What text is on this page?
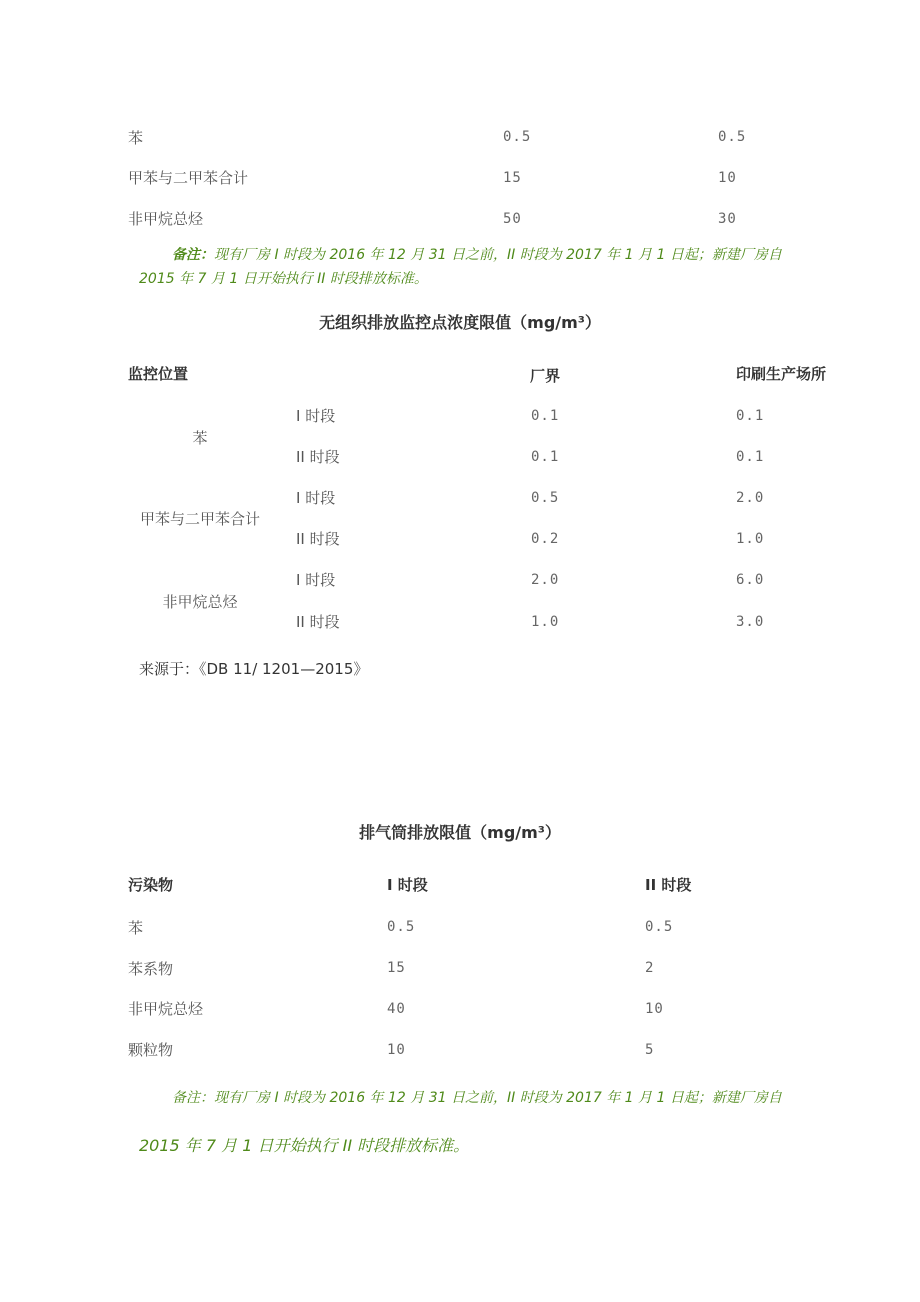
苯	0.5	0.5
甲苯与二甲苯合计	15	10
非甲烷总烃	50	30
备注：现有厂房 I 时段为 2016 年 12 月 31 日之前，II 时段为 2017 年 1 月 1 日起；新建厂房自
2015 年 7 月 1 日开始执行 II 时段排放标准。
无组织排放监控点浓度限值（mg/m³）
监控位置	厂界	印刷生产场所
苯
I 时段	0.1	0.1
II 时段	0.1	0.1
甲苯与二甲苯合计
I 时段	0.5	2.0
II 时段	0.2	1.0
非甲烷总烃
I 时段	2.0	6.0
II 时段	1.0	3.0
来源于：《DB 11/ 1201—2015》
排气筒排放限值（mg/m³）
污染物	I 时段	II 时段
苯	0.5	0.5
苯系物	15	2
非甲烷总烃	40	10
颗粒物	10	5
备注：现有厂房 I 时段为 2016 年 12 月 31 日之前，II 时段为 2017 年 1 月 1 日起；新建厂房自
2015 年 7 月 1 日开始执行 II 时段排放标准。
